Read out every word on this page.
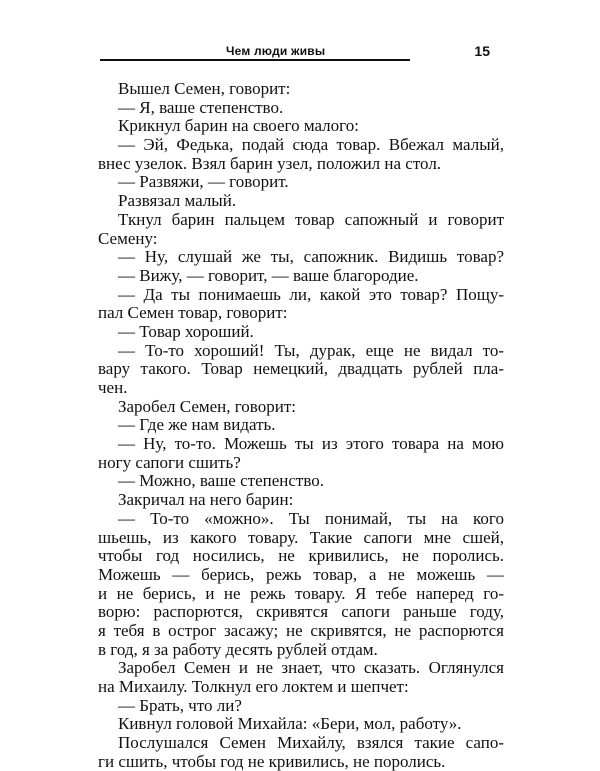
Чем люди живы	15
Вышел Семен, говорит:
— Я, ваше степенство.
Крикнул барин на своего малого:
— Эй, Федька, подай сюда товар. Вбежал малый,
внес узелок. Взял барин узел, положил на стол.
— Развяжи, — говорит.
Развязал малый.
Ткнул барин пальцем товар сапожный и говорит
Семену:
— Ну, слушай же ты, сапожник. Видишь товар?
— Вижу, — говорит, — ваше благородие.
— Да ты понимаешь ли, какой это товар? Пощу-
пал Семен товар, говорит:
— Товар хороший.
— То-то хороший! Ты, дурак, еще не видал то-
вару такого. Товар немецкий, двадцать рублей пла-
чен.
Заробел Семен, говорит:
— Где же нам видать.
— Ну, то-то. Можешь ты из этого товара на мою
ногу сапоги сшить?
— Можно, ваше степенство.
Закричал на него барин:
— То-то «можно». Ты понимай, ты на кого
шьешь, из какого товару. Такие сапоги мне сшей,
чтобы год носились, не кривились, не поролись.
Можешь — берись, режь товар, а не можешь —
и не берись, и не режь товару. Я тебе наперед го-
ворю: распорются, скривятся сапоги раньше году,
я тебя в острог засажу; не скривятся, не распорются
в год, я за работу десять рублей отдам.
Заробел Семен и не знает, что сказать. Оглянулся
на Михаилу. Толкнул его локтем и шепчет:
— Брать, что ли?
Кивнул головой Михайла: «Бери, мол, работу».
Послушался Семен Михайлу, взялся такие сапо-
ги сшить, чтобы год не кривились, не поролись.
